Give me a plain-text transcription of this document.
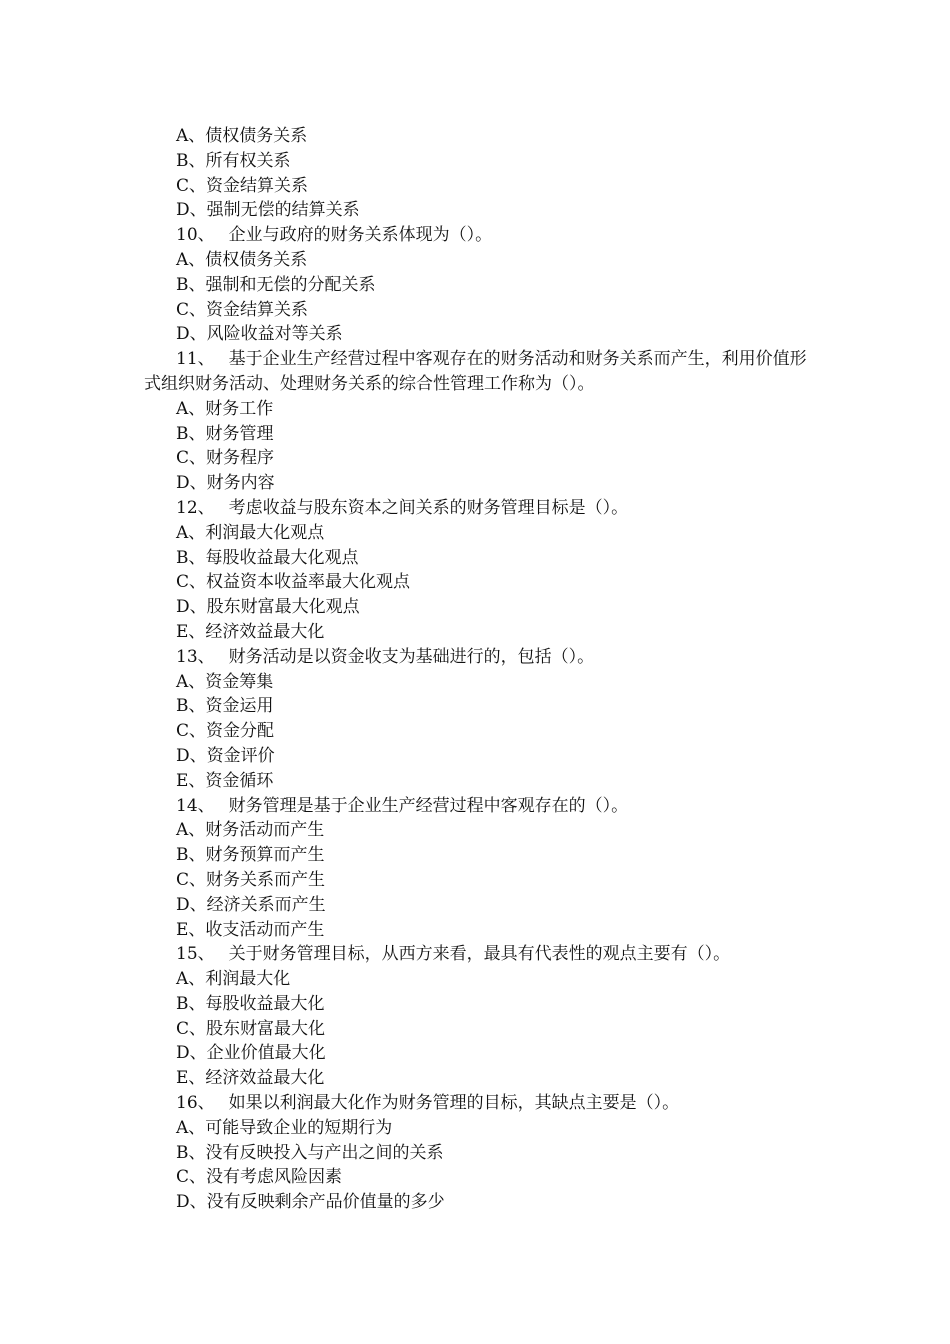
A、债权债务关系
B、所有权关系
C、资金结算关系
D、强制无偿的结算关系
10、 企业与政府的财务关系体现为（）。
A、债权债务关系
B、强制和无偿的分配关系
C、资金结算关系
D、风险收益对等关系
11、 基于企业生产经营过程中客观存在的财务活动和财务关系而产生，利用价值形式组织财务活动、处理财务关系的综合性管理工作称为（）。
A、财务工作
B、财务管理
C、财务程序
D、财务内容
12、 考虑收益与股东资本之间关系的财务管理目标是（）。
A、利润最大化观点
B、每股收益最大化观点
C、权益资本收益率最大化观点
D、股东财富最大化观点
E、经济效益最大化
13、 财务活动是以资金收支为基础进行的，包括（）。
A、资金筹集
B、资金运用
C、资金分配
D、资金评价
E、资金循环
14、 财务管理是基于企业生产经营过程中客观存在的（）。
A、财务活动而产生
B、财务预算而产生
C、财务关系而产生
D、经济关系而产生
E、收支活动而产生
15、 关于财务管理目标，从西方来看，最具有代表性的观点主要有（）。
A、利润最大化
B、每股收益最大化
C、股东财富最大化
D、企业价值最大化
E、经济效益最大化
16、 如果以利润最大化作为财务管理的目标，其缺点主要是（）。
A、可能导致企业的短期行为
B、没有反映投入与产出之间的关系
C、没有考虑风险因素
D、没有反映剩余产品价值量的多少
